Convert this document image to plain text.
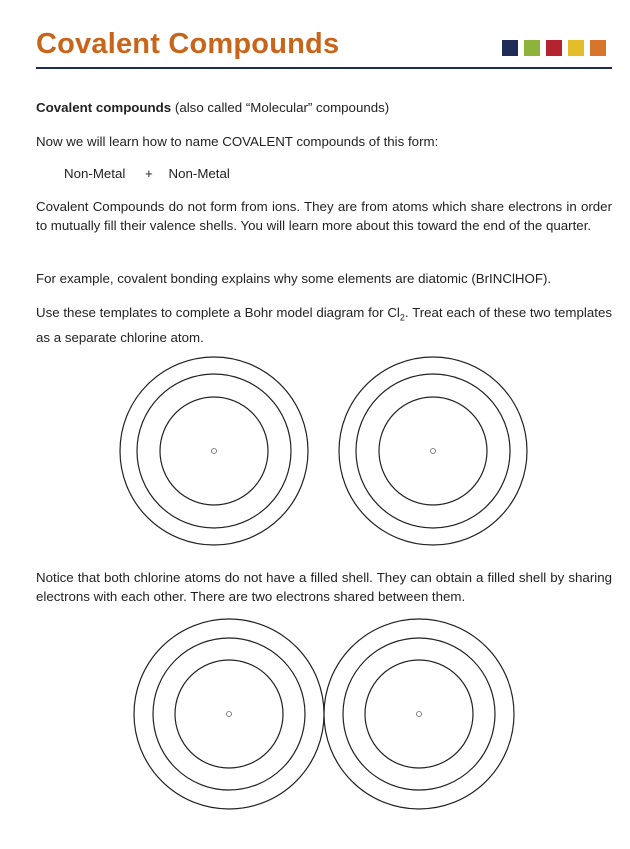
Covalent Compounds

Covalent compounds (also called “Molecular” compounds)

Now we will learn how to name COVALENT compounds of this form:

Non-Metal + Non-Metal

Covalent Compounds do not form from ions. They are from atoms which share electrons in order to mutually fill their valence shells. You will learn more about this toward the end of the quarter.

For example, covalent bonding explains why some elements are diatomic (BrINClHOF).

Use these templates to complete a Bohr model diagram for $Cl_2$. Treat each of these two templates as a separate chlorine atom.

Notice that both chlorine atoms do not have a filled shell. They can obtain a filled shell by sharing electrons with each other. There are two electrons shared between them.
